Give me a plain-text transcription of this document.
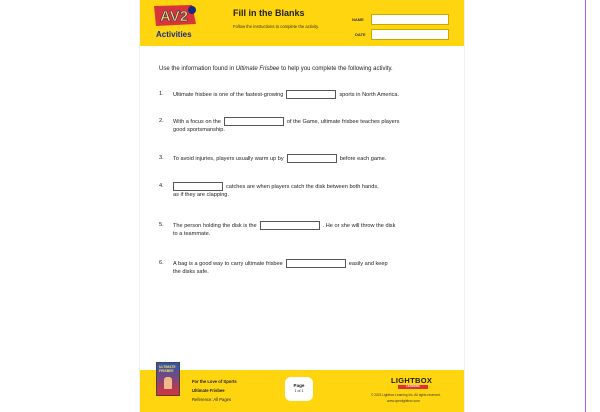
AV2
Activities
Fill in the Blanks
Follow the instructions to complete the activity.
NAME
DATE
Use the information found in Ultimate Frisbee to help you complete the following activity.
1. Ultimate frisbee is one of the fastest-growing	sports in North America.
2. With a focus on the	of the Game, ultimate frisbee teaches players
good sportsmanship.
3. To avoid injuries, players usually warm up by	before each game.
4.	catches are when players catch the disk between both hands,
as if they are clapping.
5. The person holding the disk is the	. He or she will throw the disk
to a teammate.
6. A bag is a good way to carry ultimate frisbee	easily and keep
the disks safe.
ULTIMATE FRISBEE
For the Love of Sports
Ultimate Frisbee
Reference: All Pages
Page
1 of 1
LIGHTBOX
LEARNING
© 2023 Lightbox Learning Inc. All rights reserved.
www.openlightbox.com
